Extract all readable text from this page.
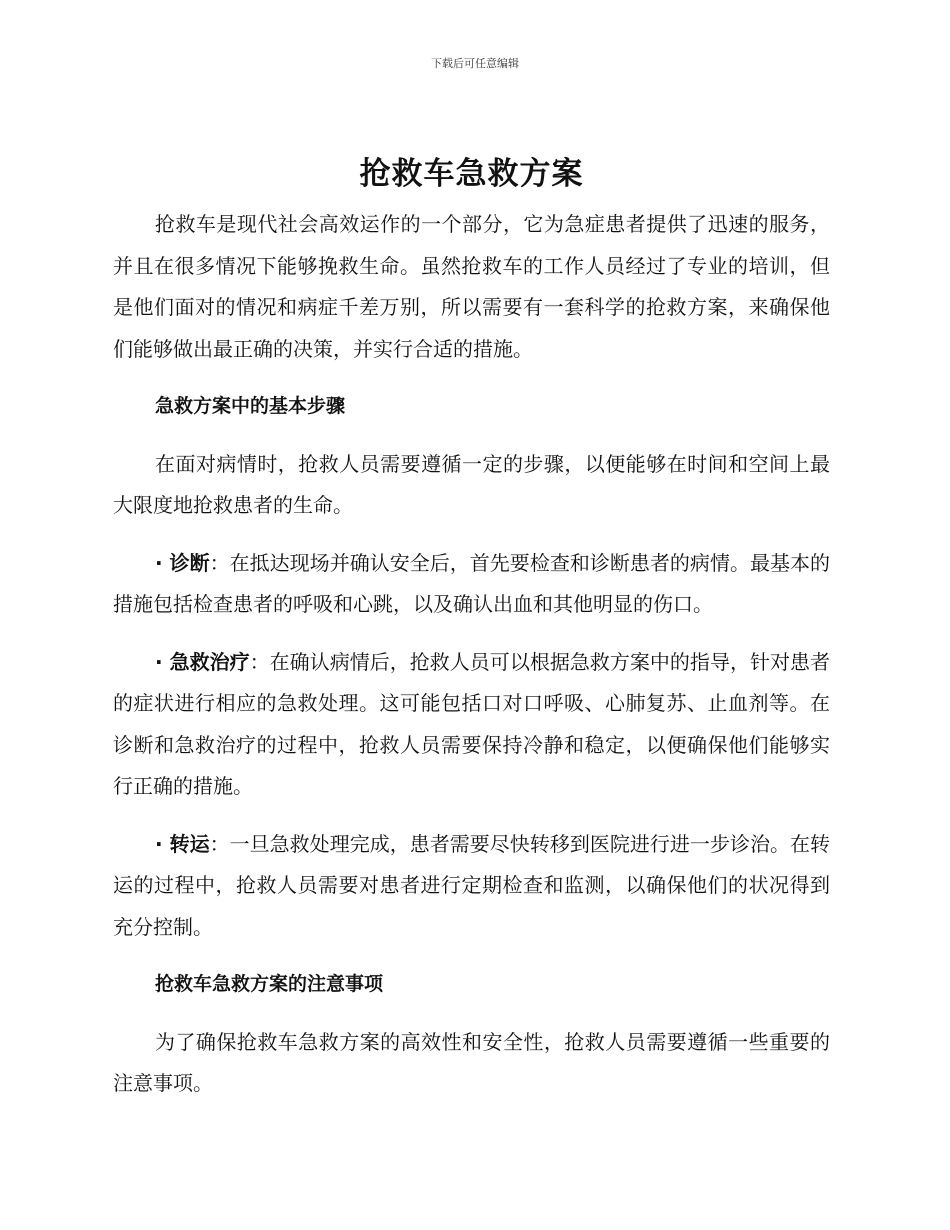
下载后可任意编辑
抢救车急救方案

抢救车是现代社会高效运作的一个部分，它为急症患者提供了迅速的服务，并且在很多情况下能够挽救生命。虽然抢救车的工作人员经过了专业的培训，但是他们面对的情况和病症千差万别，所以需要有一套科学的抢救方案，来确保他们能够做出最正确的决策，并实行合适的措施。

急救方案中的基本步骤

在面对病情时，抢救人员需要遵循一定的步骤，以便能够在时间和空间上最大限度地抢救患者的生命。

· 诊断：在抵达现场并确认安全后，首先要检查和诊断患者的病情。最基本的措施包括检查患者的呼吸和心跳，以及确认出血和其他明显的伤口。

· 急救治疗：在确认病情后，抢救人员可以根据急救方案中的指导，针对患者的症状进行相应的急救处理。这可能包括口对口呼吸、心肺复苏、止血剂等。在诊断和急救治疗的过程中，抢救人员需要保持冷静和稳定，以便确保他们能够实行正确的措施。

· 转运：一旦急救处理完成，患者需要尽快转移到医院进行进一步诊治。在转运的过程中，抢救人员需要对患者进行定期检查和监测，以确保他们的状况得到充分控制。

抢救车急救方案的注意事项

为了确保抢救车急救方案的高效性和安全性，抢救人员需要遵循一些重要的注意事项。
